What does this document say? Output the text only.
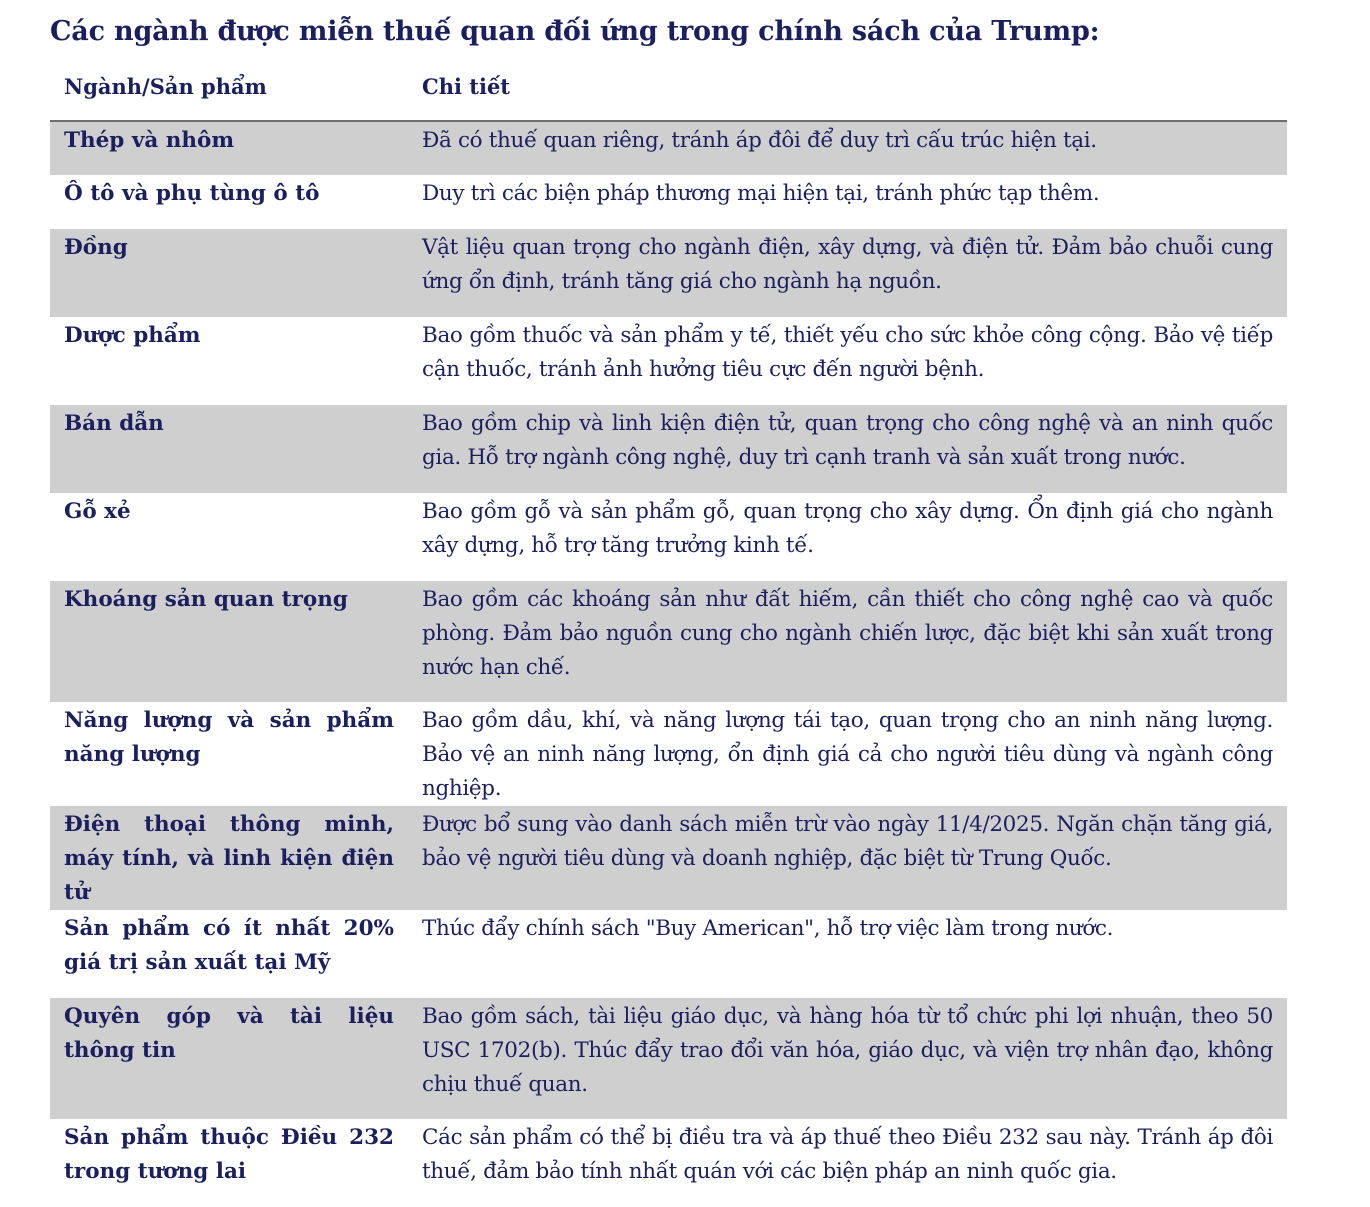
Các ngành được miễn thuế quan đối ứng trong chính sách của Trump:
Ngành/Sản phẩm	Chi tiết
Thép và nhôm	Đã có thuế quan riêng, tránh áp đôi để duy trì cấu trúc hiện tại.
Ô tô và phụ tùng ô tô	Duy trì các biện pháp thương mại hiện tại, tránh phức tạp thêm.
Đồng	Vật liệu quan trọng cho ngành điện, xây dựng, và điện tử. Đảm bảo chuỗi cung ứng ổn định, tránh tăng giá cho ngành hạ nguồn.
Dược phẩm	Bao gồm thuốc và sản phẩm y tế, thiết yếu cho sức khỏe công cộng. Bảo vệ tiếp cận thuốc, tránh ảnh hưởng tiêu cực đến người bệnh.
Bán dẫn	Bao gồm chip và linh kiện điện tử, quan trọng cho công nghệ và an ninh quốc gia. Hỗ trợ ngành công nghệ, duy trì cạnh tranh và sản xuất trong nước.
Gỗ xẻ	Bao gồm gỗ và sản phẩm gỗ, quan trọng cho xây dựng. Ổn định giá cho ngành xây dựng, hỗ trợ tăng trưởng kinh tế.
Khoáng sản quan trọng	Bao gồm các khoáng sản như đất hiếm, cần thiết cho công nghệ cao và quốc phòng. Đảm bảo nguồn cung cho ngành chiến lược, đặc biệt khi sản xuất trong nước hạn chế.
Năng lượng và sản phẩm năng lượng	Bao gồm dầu, khí, và năng lượng tái tạo, quan trọng cho an ninh năng lượng. Bảo vệ an ninh năng lượng, ổn định giá cả cho người tiêu dùng và ngành công nghiệp.
Điện thoại thông minh, máy tính, và linh kiện điện tử	Được bổ sung vào danh sách miễn trừ vào ngày 11/4/2025. Ngăn chặn tăng giá, bảo vệ người tiêu dùng và doanh nghiệp, đặc biệt từ Trung Quốc.
Sản phẩm có ít nhất 20% giá trị sản xuất tại Mỹ	Thúc đẩy chính sách "Buy American", hỗ trợ việc làm trong nước.
Quyên góp và tài liệu thông tin	Bao gồm sách, tài liệu giáo dục, và hàng hóa từ tổ chức phi lợi nhuận, theo 50 USC 1702(b). Thúc đẩy trao đổi văn hóa, giáo dục, và viện trợ nhân đạo, không chịu thuế quan.
Sản phẩm thuộc Điều 232 trong tương lai	Các sản phẩm có thể bị điều tra và áp thuế theo Điều 232 sau này. Tránh áp đôi thuế, đảm bảo tính nhất quán với các biện pháp an ninh quốc gia.
